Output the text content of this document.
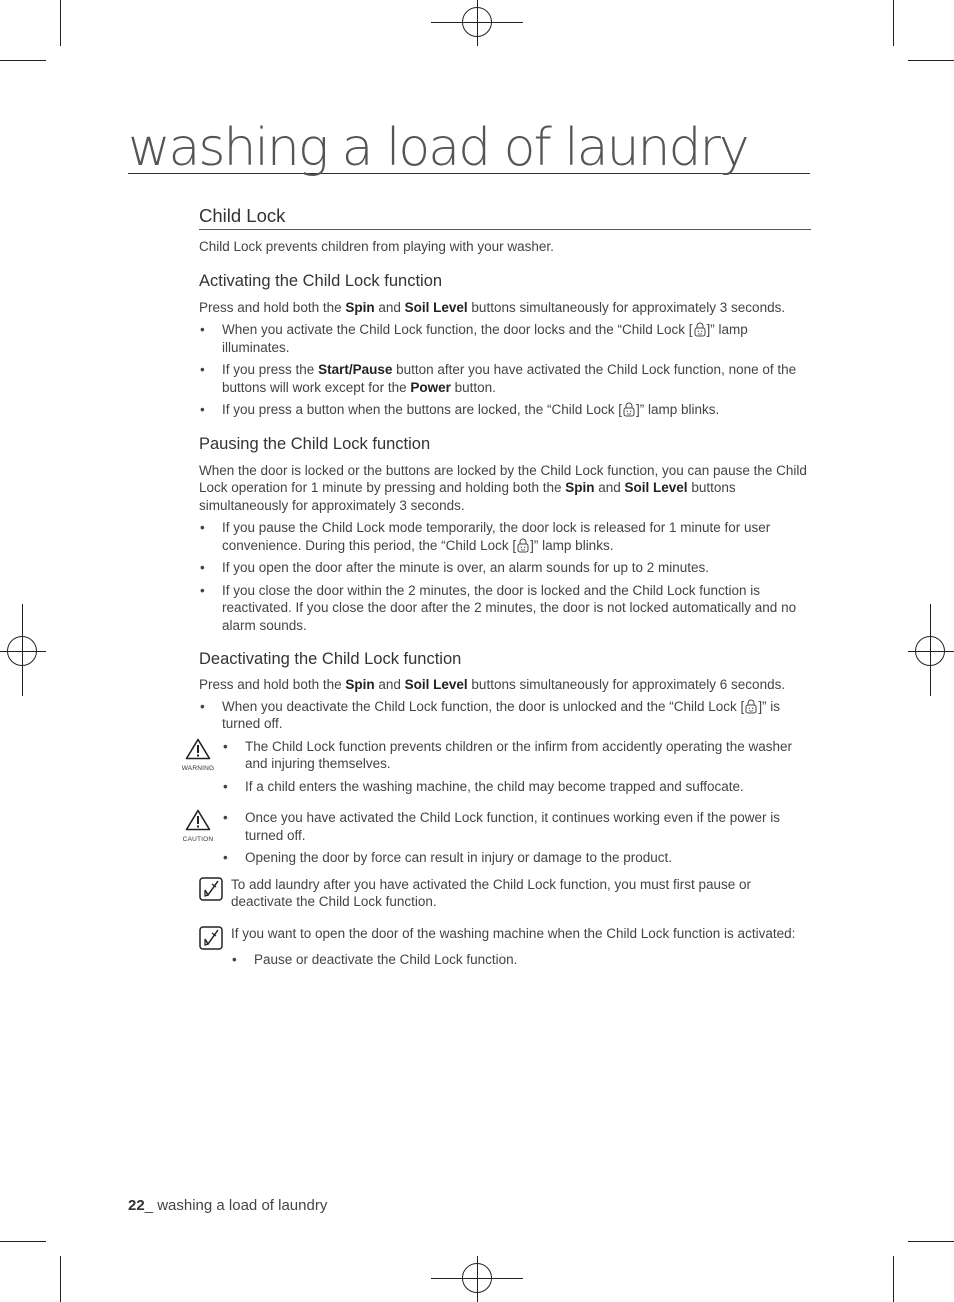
washing a load of laundry
Child Lock

Child Lock prevents children from playing with your washer.

Activating the Child Lock function

Press and hold both the Spin and Soil Level buttons simultaneously for approximately 3 seconds.

• When you activate the Child Lock function, the door locks and the “Child Lock [ ]” lamp illuminates.
• If you press the Start/Pause button after you have activated the Child Lock function, none of the buttons will work except for the Power button.
• If you press a button when the buttons are locked, the “Child Lock [ ]” lamp blinks.
Pausing the Child Lock function

When the door is locked or the buttons are locked by the Child Lock function, you can pause the Child Lock operation for 1 minute by pressing and holding both the Spin and Soil Level buttons simultaneously for approximately 3 seconds.

• If you pause the Child Lock mode temporarily, the door lock is released for 1 minute for user convenience. During this period, the “Child Lock [ ]” lamp blinks.
• If you open the door after the minute is over, an alarm sounds for up to 2 minutes.
• If you close the door within the 2 minutes, the door is locked and the Child Lock function is reactivated. If you close the door after the 2 minutes, the door is not locked automatically and no alarm sounds.
Deactivating the Child Lock function

Press and hold both the Spin and Soil Level buttons simultaneously for approximately 6 seconds.

• When you deactivate the Child Lock function, the door is unlocked and the “Child Lock [ ]” is turned off.
WARNING
• The Child Lock function prevents children or the infirm from accidently operating the washer and injuring themselves.
• If a child enters the washing machine, the child may become trapped and suffocate.
CAUTION
• Once you have activated the Child Lock function, it continues working even if the power is turned off.
• Opening the door by force can result in injury or damage to the product.

To add laundry after you have activated the Child Lock function, you must first pause or deactivate the Child Lock function.

If you want to open the door of the washing machine when the Child Lock function is activated:

• Pause or deactivate the Child Lock function.
22_ washing a load of laundry
